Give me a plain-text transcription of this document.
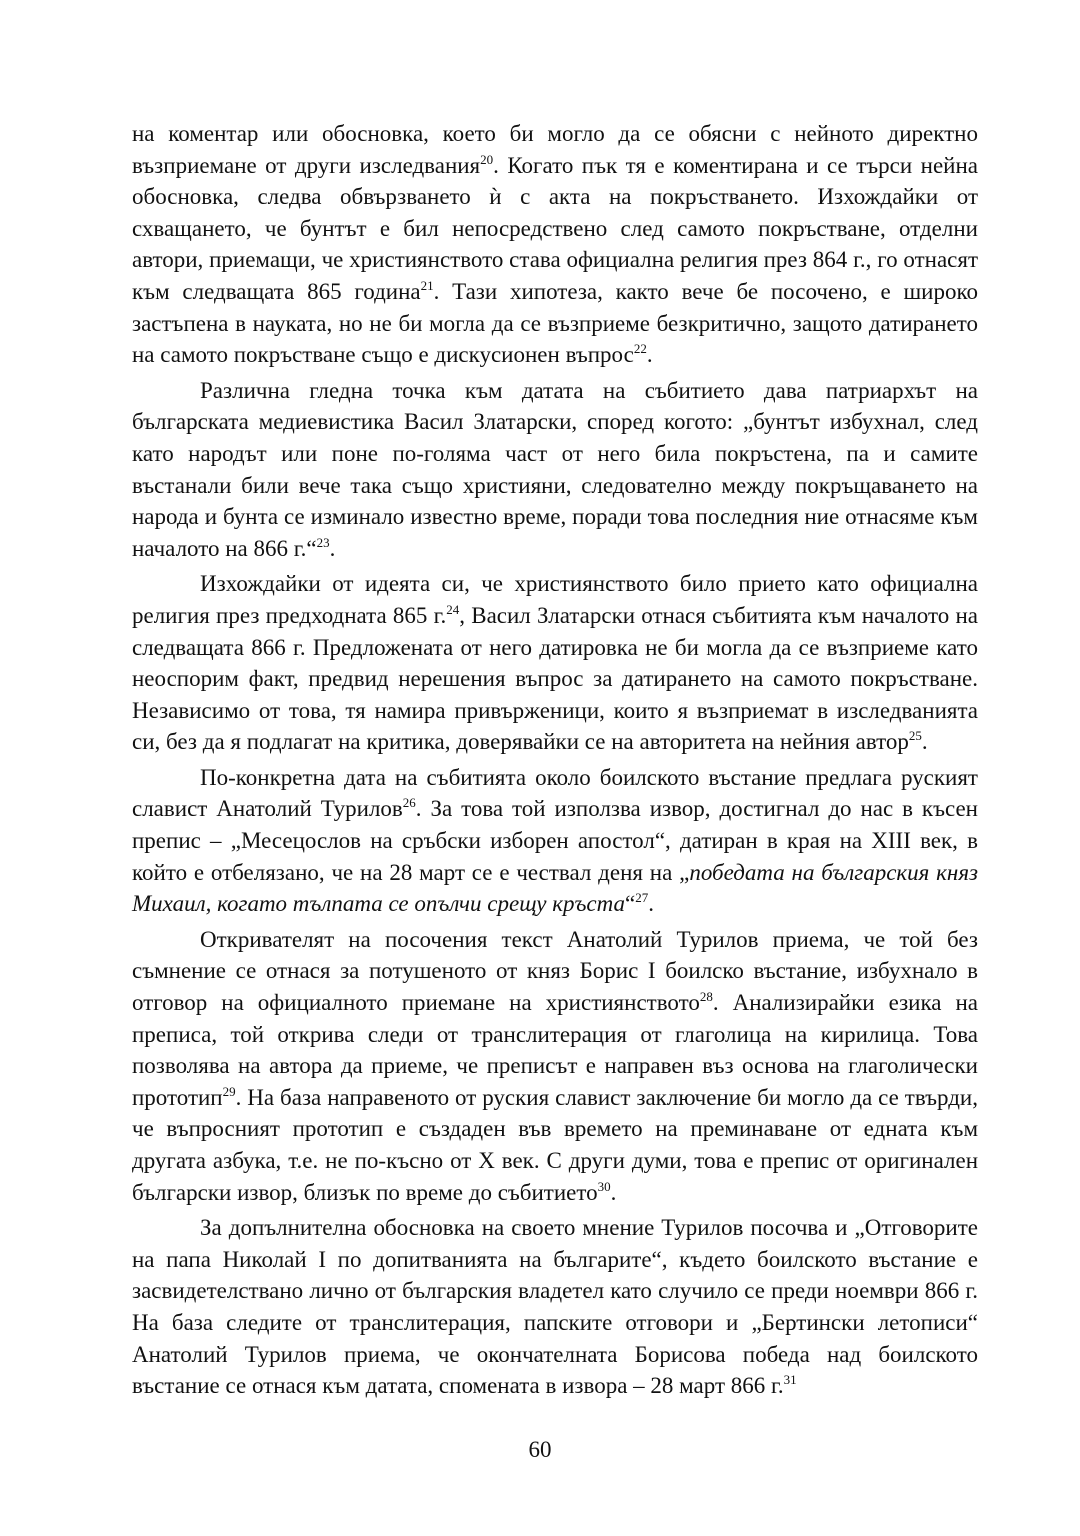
на коментар или обосновка, което би могло да се обясни с нейното директно възприемане от други изследвания$^{20}$. Когато пък тя е коментирана и се търси нейна обосновка, следва обвързването ѝ с акта на покръстването. Изхождайки от схващането, че бунтът е бил непосредствено след самото покръстване, отделни автори, приемащи, че християнството става официална религия през 864 г., го отнасят към следващата 865 година$^{21}$. Тази хипотеза, както вече бе посочено, е широко застъпена в науката, но не би могла да се възприеме безкритично, защото датирането на самото покръстване също е дискусионен въпрос$^{22}$.

Различна гледна точка към датата на събитието дава патриархът на българската медиевистика Васил Златарски, според когото: „бунтът избухнал, след като народът или поне по-голяма част от него била покръстена, па и самите въстанали били вече така също християни, следователно между покръщаването на народа и бунта се изминало известно време, поради това последния ние отнасяме към началото на 866 г.“$^{23}$.

Изхождайки от идеята си, че християнството било прието като официална религия през предходната 865 г.$^{24}$, Васил Златарски отнася събитията към началото на следващата 866 г. Предложената от него датировка не би могла да се възприеме като неоспорим факт, предвид нерешения въпрос за датирането на самото покръстване. Независимо от това, тя намира привърженици, които я възприемат в изследванията си, без да я подлагат на критика, доверявайки се на авторитета на нейния автор$^{25}$.

По-конкретна дата на събитията около боилското въстание предлага руският славист Анатолий Турилов$^{26}$. За това той използва извор, достигнал до нас в късен препис – „Месецослов на сръбски изборен апостол“, датиран в края на XIII век, в който е отбелязано, че на 28 март се е чествал деня на „победата на българския княз Михаил, когато тълпата се опълчи срещу кръста“$^{27}$.

Откривателят на посочения текст Анатолий Турилов приема, че той без съмнение се отнася за потушеното от княз Борис I боилско въстание, избухнало в отговор на официалното приемане на християнството$^{28}$. Анализирайки езика на преписа, той открива следи от транслитерация от глаголица на кирилица. Това позволява на автора да приеме, че преписът е направен въз основа на глаголически прототип$^{29}$. На база направеното от руския славист заключение би могло да се твърди, че въпросният прототип е създаден във времето на преминаване от едната към другата азбука, т.е. не по-късно от X век. С други думи, това е препис от оригинален български извор, близък по време до събитието$^{30}$.

За допълнителна обосновка на своето мнение Турилов посочва и „Отговорите на папа Николай I по допитванията на българите“, където боилското въстание е засвидетелствано лично от българския владетел като случило се преди ноември 866 г. На база следите от транслитерация, папските отговори и „Бертински летописи“ Анатолий Турилов приема, че окончателната Борисова победа над боилското въстание се отнася към датата, спомената в извора – 28 март 866 г.$^{31}$

60
